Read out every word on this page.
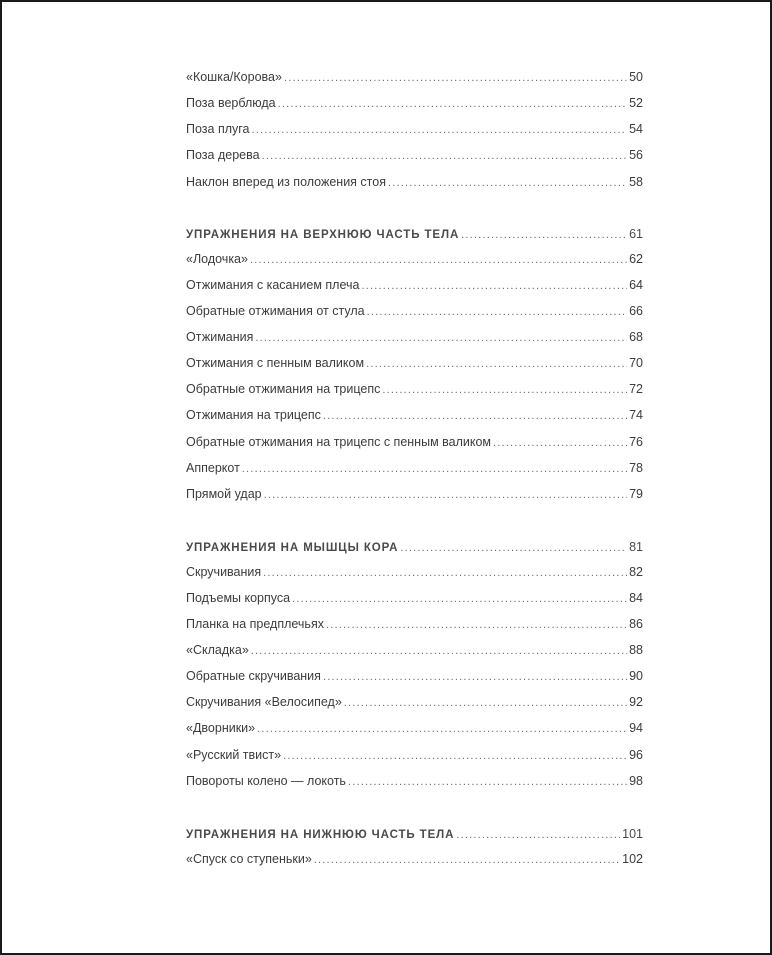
«Кошка/Корова» .....	50
Поза верблюда .....	52
Поза плуга .....	54
Поза дерева .....	56
Наклон вперед из положения стоя .....	58
УПРАЖНЕНИЯ НА ВЕРХНЮЮ ЧАСТЬ ТЕЛА .....	61
«Лодочка» .....	62
Отжимания с касанием плеча .....	64
Обратные отжимания от стула .....	66
Отжимания .....	68
Отжимания с пенным валиком .....	70
Обратные отжимания на трицепс .....	72
Отжимания на трицепс .....	74
Обратные отжимания на трицепс с пенным валиком .....	76
Апперкот .....	78
Прямой удар .....	79
УПРАЖНЕНИЯ НА МЫШЦЫ КОРА .....	81
Скручивания .....	82
Подъемы корпуса .....	84
Планка на предплечьях .....	86
«Складка» .....	88
Обратные скручивания .....	90
Скручивания «Велосипед» .....	92
«Дворники» .....	94
«Русский твист» .....	96
Повороты колено — локоть .....	98
УПРАЖНЕНИЯ НА НИЖНЮЮ ЧАСТЬ ТЕЛА .....	101
«Спуск со ступеньки» .....	102
